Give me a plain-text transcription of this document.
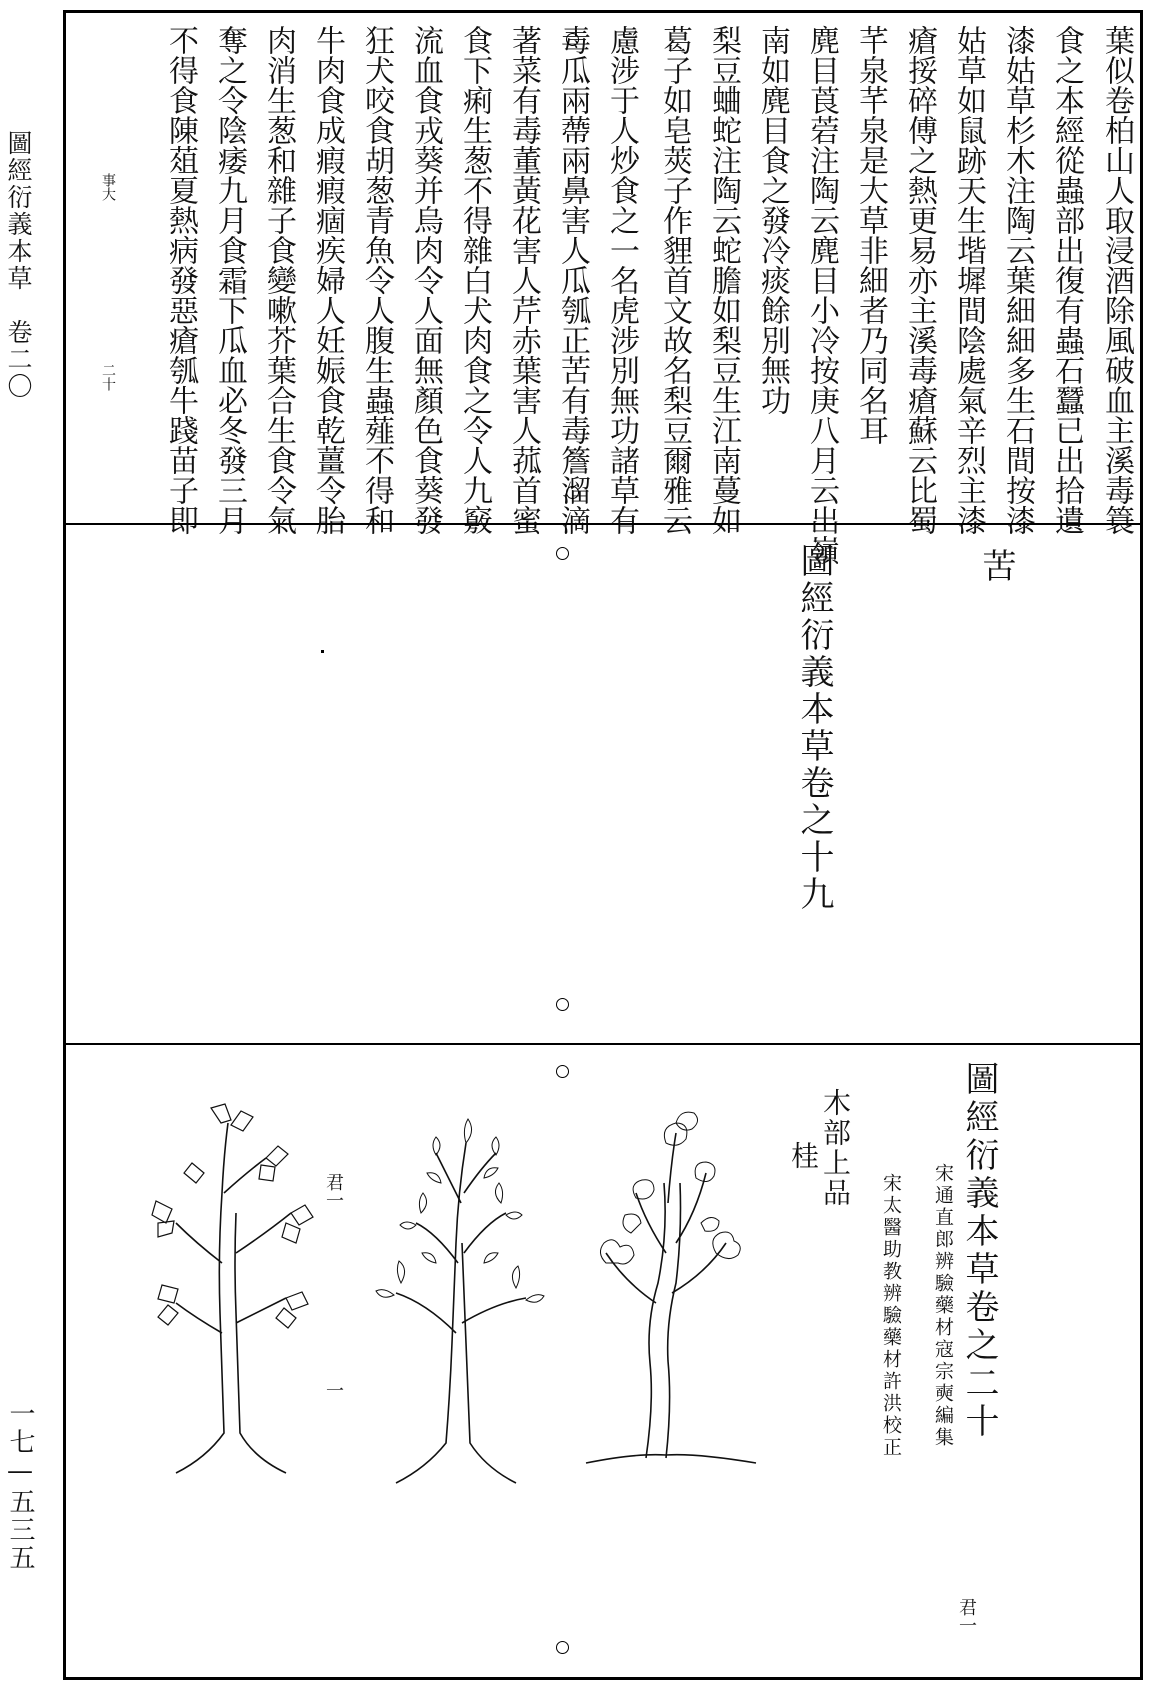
圖經衍義本草　卷二〇
一七—五三五
葉似卷柏山人取浸酒除風破血主溪毒簑
食之本經從蟲部出復有蟲石蠶已出拾遺
漆姑草杉木注陶云葉細細多生石間按漆
姑草如鼠跡天生堦墀間陰處氣辛烈主漆
瘡挼碎傅之熱更易亦主溪毒瘡蘇云比蜀
芊泉芊泉是大草非細者乃同名耳
麂目莨菪注陶云麂目小冷按庚八月云出嶺
南如麂目食之發冷痰餘別無功
梨豆蛐蛇注陶云蛇膽如梨豆生江南蔓如
葛子如皂莢子作貍首文故名梨豆爾雅云
慮涉于人炒食之一名虎涉別無功諸草有
毒瓜兩蔕兩鼻害人瓜瓠正苦有毒簷溜滴
著菜有毒董黃花害人芹赤葉害人菰首蜜
食下痢生葱不得雜白犬肉食之令人九竅
流血食戎葵并烏肉令人面無顏色食葵發
狂犬咬食胡葱青魚令人腹生蟲薤不得和
牛肉食成瘕瘕痼疾婦人妊娠食乾薑令胎
肉消生葱和雜子食變嗽芥葉合生食令氣
奪之令陰痿九月食霜下瓜血必冬發三月
不得食陳葅夏熱病發惡瘡瓠牛踐苗子即
事大
二十
苦
圖經衍義本草卷之十九
圖經衍義本草卷之二十
宋通直郎辨驗藥材寇宗奭編集
宋太醫助教辨驗藥材許洪校正
君一
木部上品
桂
君一
一
